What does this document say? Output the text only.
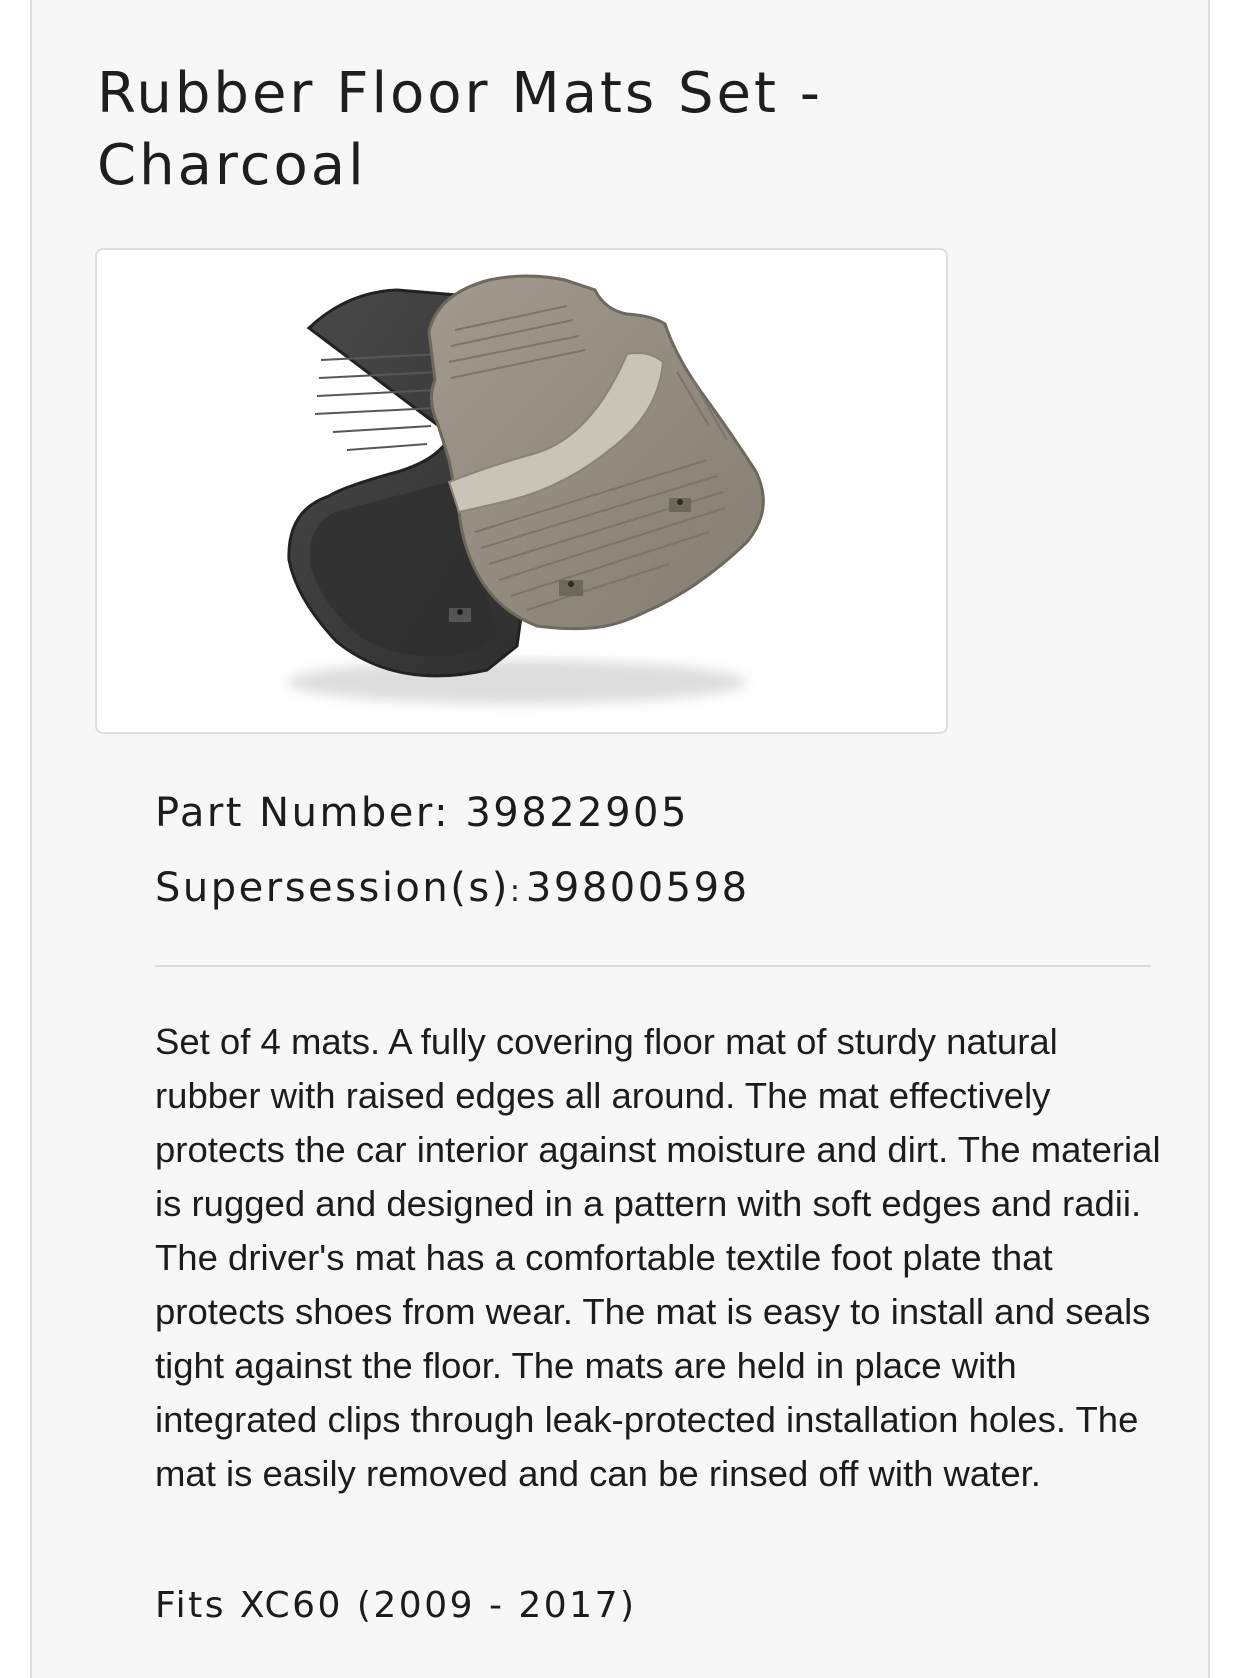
Rubber Floor Mats Set - Charcoal

Part Number: 39822905

Supersession(s): 39800598

Set of 4 mats. A fully covering floor mat of sturdy natural rubber with raised edges all around. The mat effectively protects the car interior against moisture and dirt. The material is rugged and designed in a pattern with soft edges and radii. The driver's mat has a comfortable textile foot plate that protects shoes from wear. The mat is easy to install and seals tight against the floor. The mats are held in place with integrated clips through leak-protected installation holes. The mat is easily removed and can be rinsed off with water.

Fits XC60 (2009 - 2017)
